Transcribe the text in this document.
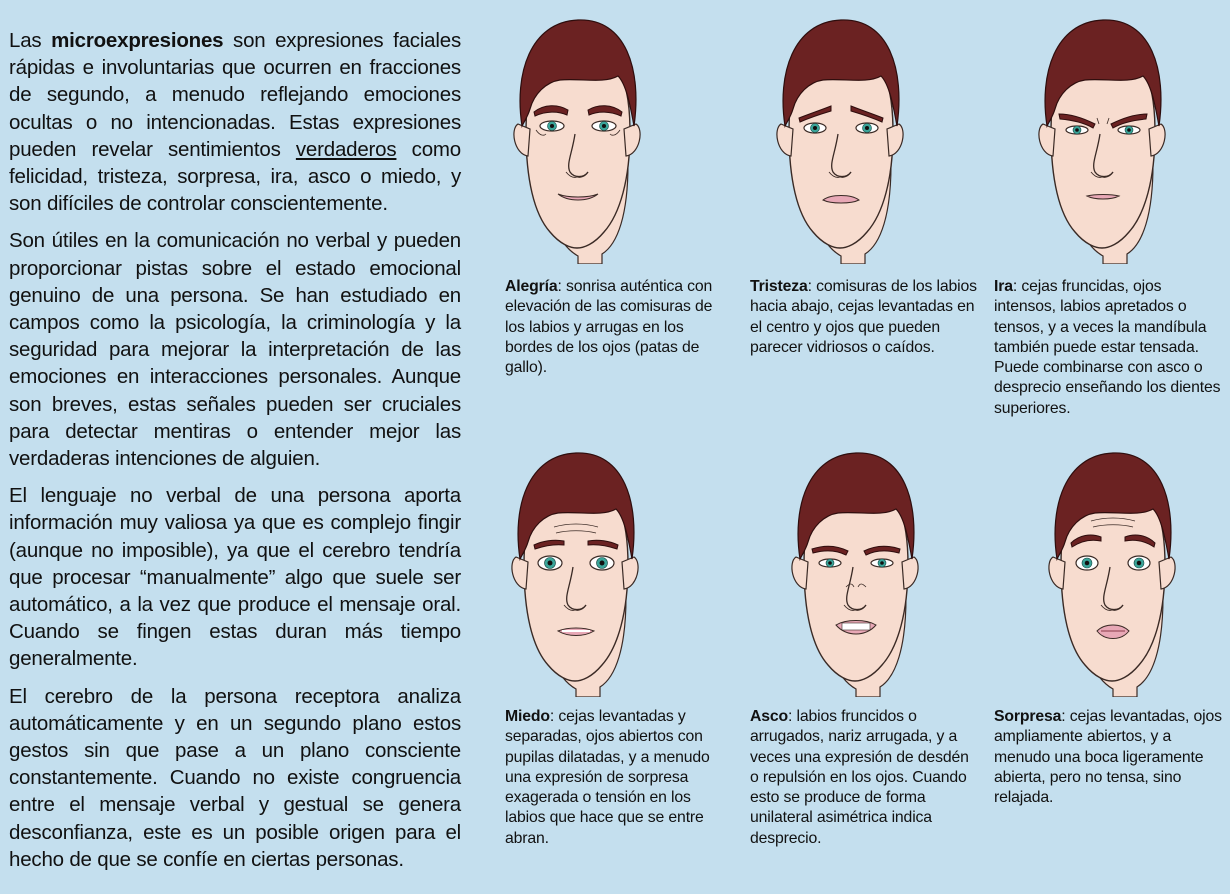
Las microexpresiones son expresiones faciales rápidas e involuntarias que ocurren en fracciones de segundo, a menudo reflejando emociones ocultas o no intencionadas. Estas expresiones pueden revelar sentimientos verdaderos como felicidad, tristeza, sorpresa, ira, asco o miedo, y son difíciles de controlar conscientemente.

Son útiles en la comunicación no verbal y pueden proporcionar pistas sobre el estado emocional genuino de una persona. Se han estudiado en campos como la psicología, la criminología y la seguridad para mejorar la interpretación de las emociones en interacciones personales. Aunque son breves, estas señales pueden ser cruciales para detectar mentiras o entender mejor las verdaderas intenciones de alguien.

El lenguaje no verbal de una persona aporta información muy valiosa ya que es complejo fingir (aunque no imposible), ya que el cerebro tendría que procesar “manualmente” algo que suele ser automático, a la vez que produce el mensaje oral. Cuando se fingen estas duran más tiempo generalmente.

El cerebro de la persona receptora analiza automáticamente y en un segundo plano estos gestos sin que pase a un plano consciente constantemente. Cuando no existe congruencia entre el mensaje verbal y gestual se genera desconfianza, este es un posible origen para el hecho de que se confíe en ciertas personas.

Alegría: sonrisa auténtica con elevación de las comisuras de los labios y arrugas en los bordes de los ojos (patas de gallo).
Tristeza: comisuras de los labios hacia abajo, cejas levantadas en el centro y ojos que pueden parecer vidriosos o caídos.
Ira: cejas fruncidas, ojos intensos, labios apretados o tensos, y a veces la mandíbula también puede estar tensada. Puede combinarse con asco o desprecio enseñando los dientes superiores.
Miedo: cejas levantadas y separadas, ojos abiertos con pupilas dilatadas, y a menudo una expresión de sorpresa exagerada o tensión en los labios que hace que se entre abran.
Asco: labios fruncidos o arrugados, nariz arrugada, y a veces una expresión de desdén o repulsión en los ojos. Cuando esto se produce de forma unilateral asimétrica indica desprecio.
Sorpresa: cejas levantadas, ojos ampliamente abiertos, y a menudo una boca ligeramente abierta, pero no tensa, sino relajada.
